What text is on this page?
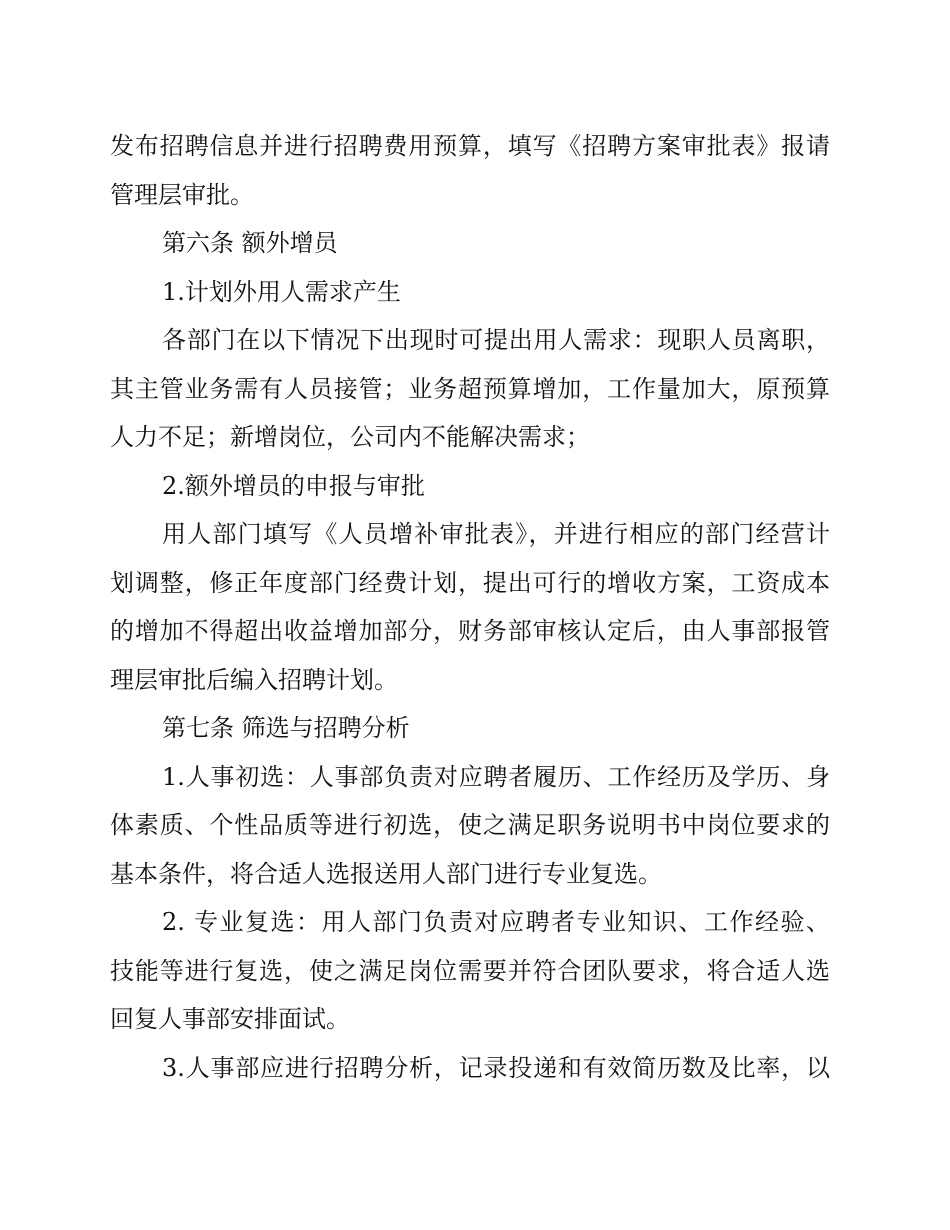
发布招聘信息并进行招聘费用预算，填写《招聘方案审批表》报请
管理层审批。
第六条 额外增员
1.计划外用人需求产生
各部门在以下情况下出现时可提出用人需求：现职人员离职，
其主管业务需有人员接管；业务超预算增加，工作量加大，原预算
人力不足；新增岗位，公司内不能解决需求；
2.额外增员的申报与审批
用人部门填写《人员增补审批表》，并进行相应的部门经营计
划调整，修正年度部门经费计划，提出可行的增收方案，工资成本
的增加不得超出收益增加部分，财务部审核认定后，由人事部报管
理层审批后编入招聘计划。
第七条 筛选与招聘分析
1.人事初选：人事部负责对应聘者履历、工作经历及学历、身
体素质、个性品质等进行初选，使之满足职务说明书中岗位要求的
基本条件，将合适人选报送用人部门进行专业复选。
2. 专业复选：用人部门负责对应聘者专业知识、工作经验、
技能等进行复选，使之满足岗位需要并符合团队要求，将合适人选
回复人事部安排面试。
3.人事部应进行招聘分析，记录投递和有效简历数及比率，以
